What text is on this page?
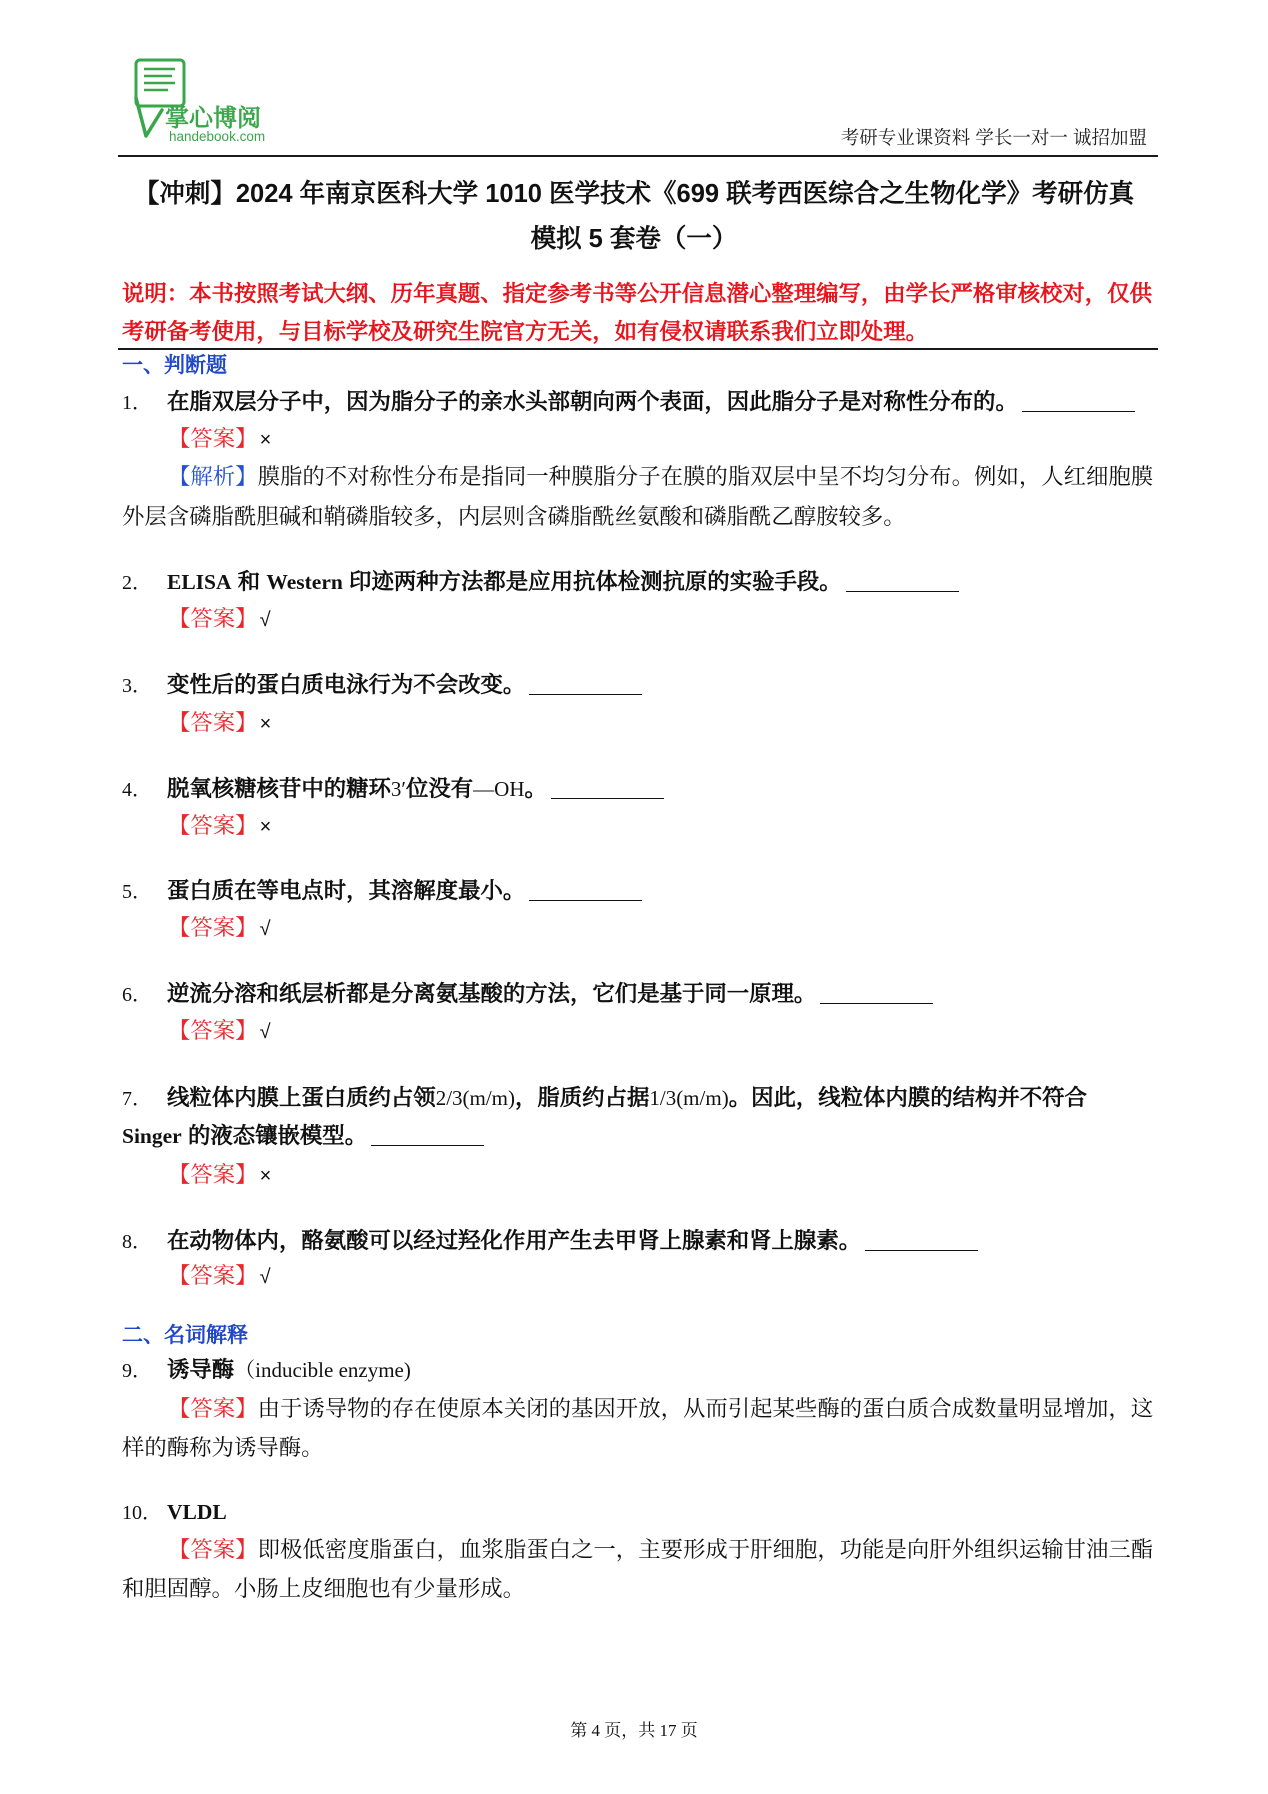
掌心博阅
handebook.com	考研专业课资料 学长一对一 诚招加盟
【冲刺】2024 年南京医科大学 1010 医学技术《699 联考西医综合之生物化学》考研仿真
模拟 5 套卷（一）
说明：本书按照考试大纲、历年真题、指定参考书等公开信息潜心整理编写，由学长严格审核校对，仅供
考研备考使用，与目标学校及研究生院官方无关，如有侵权请联系我们立即处理。
一、判断题
1． 在脂双层分子中，因为脂分子的亲水头部朝向两个表面，因此脂分子是对称性分布的。
【答案】 ×
【解析】膜脂的不对称性分布是指同一种膜脂分子在膜的脂双层中呈不均匀分布。例如，人红细胞膜
外层含磷脂酰胆碱和鞘磷脂较多，内层则含磷脂酰丝氨酸和磷脂酰乙醇胺较多。
2． ELISA 和 Western 印迹两种方法都是应用抗体检测抗原的实验手段。
【答案】 √
3． 变性后的蛋白质电泳行为不会改变。
【答案】 ×
4． 脱氧核糖核苷中的糖环3′位没有—OH。
【答案】 ×
5． 蛋白质在等电点时，其溶解度最小。
【答案】 √
6． 逆流分溶和纸层析都是分离氨基酸的方法，它们是基于同一原理。
【答案】 √
7． 线粒体内膜上蛋白质约占领2/3(m/m)，脂质约占据1/3(m/m)。因此，线粒体内膜的结构并不符合
Singer 的液态镶嵌模型。
【答案】 ×
8． 在动物体内，酪氨酸可以经过羟化作用产生去甲肾上腺素和肾上腺素。
【答案】 √
二、名词解释
9． 诱导酶（inducible enzyme)
【答案】由于诱导物的存在使原本关闭的基因开放，从而引起某些酶的蛋白质合成数量明显增加，这
样的酶称为诱导酶。
10． VLDL
【答案】即极低密度脂蛋白，血浆脂蛋白之一，主要形成于肝细胞，功能是向肝外组织运输甘油三酯
和胆固醇。小肠上皮细胞也有少量形成。
第 4 页，共 17 页
